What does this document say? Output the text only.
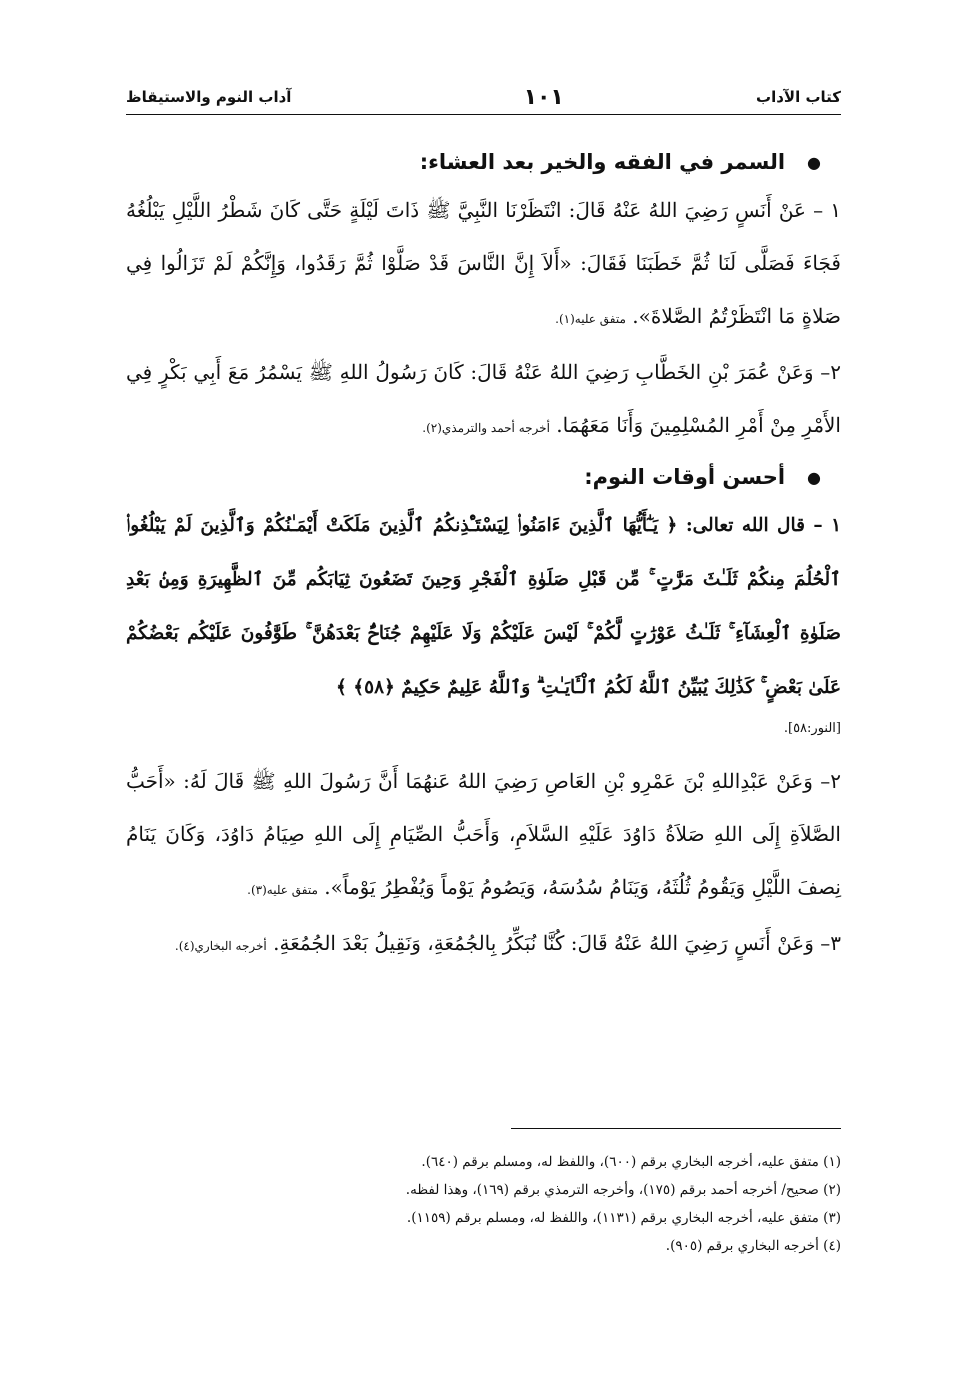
كتاب الآداب
١٠١
آداب النوم والاستيقاظ
●
السمر في الفقه والخير بعد العشاء:

١ – عَنْ أَنَسٍ رَضِيَ اللهُ عَنْهُ قَالَ: انْتَظَرْنَا النَّبِيَّ ﷺ ذَاتَ لَيْلَةٍ حَتَّى كَانَ شَطْرُ اللَّيْلِ يَبْلُغُهُ فَجَاءَ فَصَلَّى لَنَا ثُمَّ خَطَبَنَا فَقَالَ: «أَلاَ إِنَّ النَّاسَ قَدْ صَلَّوْا ثُمَّ رَقَدُوا، وَإِنَّكُمْ لَمْ تَزَالُوا فِي صَلاةٍ مَا انْتَظَرْتُمُ الصَّلاةَ». متفق عليه(١).

٢– وَعَنْ عُمَرَ بْنِ الخَطَّابِ رَضِيَ اللهُ عَنْهُ قَالَ: كَانَ رَسُولُ اللهِ ﷺ يَسْمُرُ مَعَ أَبِي بَكْرٍ فِي الأَمْرِ مِنْ أَمْرِ المُسْلِمِينَ وَأَنَا مَعَهُمَا. أخرجه أحمد والترمذي(٢).

●
أحسن أوقات النوم:

١ – قال الله تعالى: ﴿ يَـٰٓأَيُّهَا ٱلَّذِينَ ءَامَنُوا۟ لِيَسْتَـْٔذِنكُمُ ٱلَّذِينَ مَلَكَتْ أَيْمَـٰنُكُمْ وَٱلَّذِينَ لَمْ يَبْلُغُوا۟ ٱلْحُلُمَ مِنكُمْ ثَلَـٰثَ مَرَّٰتٍ ۚ مِّن قَبْلِ صَلَوٰةِ ٱلْفَجْرِ وَحِينَ تَضَعُونَ ثِيَابَكُم مِّنَ ٱلظَّهِيرَةِ وَمِنۢ بَعْدِ صَلَوٰةِ ٱلْعِشَآءِ ۚ ثَلَـٰثُ عَوْرَٰتٍ لَّكُمْ ۚ لَيْسَ عَلَيْكُمْ وَلَا عَلَيْهِمْ جُنَاحٌۢ بَعْدَهُنَّ ۚ طَوَّٰفُونَ عَلَيْكُم بَعْضُكُمْ عَلَىٰ بَعْضٍ ۚ كَذَٰلِكَ يُبَيِّنُ ٱللَّهُ لَكُمُ ٱلْـَٔايَـٰتِ ۗ وَٱللَّهُ عَلِيمٌ حَكِيمٌ ﴿٥٨﴾ ﴾

[النور:٥٨].

٢– وَعَنْ عَبْدِاللهِ بْنَ عَمْرِو بْنِ العَاصِ رَضِيَ اللهُ عَنهُمَا أَنَّ رَسُولَ اللهِ ﷺ قَالَ لَهُ: «أَحَبُّ الصَّلاَةِ إِلَى اللهِ صَلاَةُ دَاوُدَ عَلَيْهِ السَّلاَمِ، وَأَحَبُّ الصِّيَامِ إِلَى اللهِ صِيَامُ دَاوُدَ، وَكَانَ يَنَامُ نِصفَ اللَّيْلِ وَيَقُومُ ثُلُثَهُ، وَيَنَامُ سُدُسَهُ، وَيَصُومُ يَوْماً وَيُفْطِرُ يَوْماً». متفق عليه(٣).

٣– وَعَنْ أَنَسٍ رَضِيَ اللهُ عَنْهُ قَالَ: كُنَّا نُبَكِّرُ بِالجُمُعَةِ، وَنَقِيلُ بَعْدَ الجُمُعَةِ. أخرجه البخاري(٤).

(١) متفق عليه، أخرجه البخاري برقم (٦٠٠)، واللفظ له، ومسلم برقم (٦٤٠).

(٢) صحيح/ أخرجه أحمد برقم (١٧٥)، وأخرجه الترمذي برقم (١٦٩)، وهذا لفظه.

(٣) متفق عليه، أخرجه البخاري برقم (١١٣١)، واللفظ له، ومسلم برقم (١١٥٩).

(٤) أخرجه البخاري برقم (٩٠٥).
